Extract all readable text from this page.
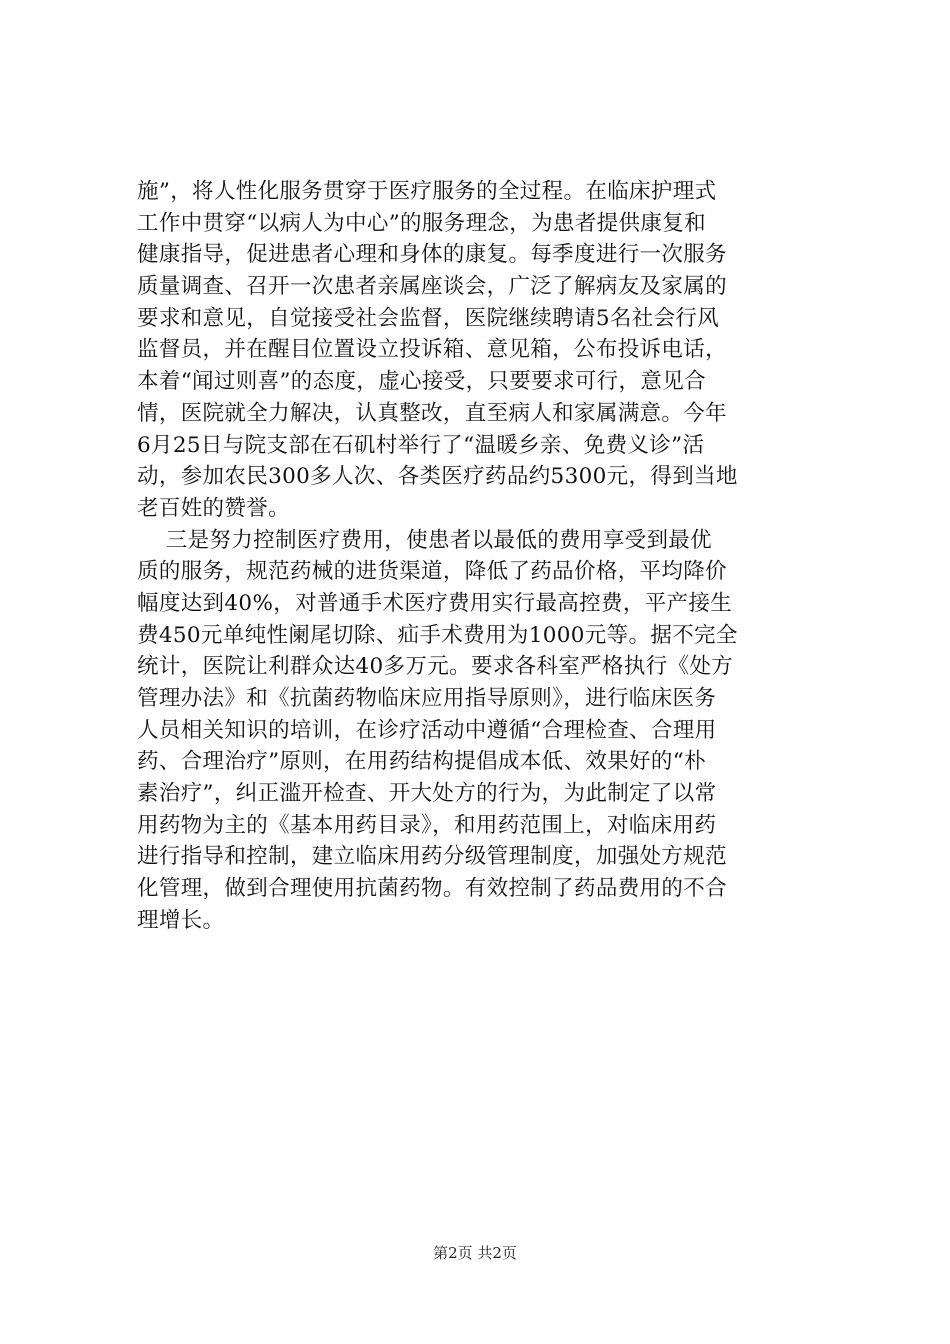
施”，将人性化服务贯穿于医疗服务的全过程。在临床护理式
工作中贯穿“以病人为中心”的服务理念，为患者提供康复和
健康指导，促进患者心理和身体的康复。每季度进行一次服务
质量调查、召开一次患者亲属座谈会，广泛了解病友及家属的
要求和意见，自觉接受社会监督，医院继续聘请5名社会行风
监督员，并在醒目位置设立投诉箱、意见箱，公布投诉电话，
本着“闻过则喜”的态度，虚心接受，只要要求可行，意见合
情，医院就全力解决，认真整改，直至病人和家属满意。今年
6月25日与院支部在石矶村举行了“温暖乡亲、免费义诊”活
动，参加农民300多人次、各类医疗药品约5300元，得到当地
老百姓的赞誉。
三是努力控制医疗费用，使患者以最低的费用享受到最优
质的服务，规范药械的进货渠道，降低了药品价格，平均降价
幅度达到40%，对普通手术医疗费用实行最高控费，平产接生
费450元单纯性阑尾切除、疝手术费用为1000元等。据不完全
统计，医院让利群众达40多万元。要求各科室严格执行《处方
管理办法》和《抗菌药物临床应用指导原则》，进行临床医务
人员相关知识的培训，在诊疗活动中遵循“合理检查、合理用
药、合理治疗”原则，在用药结构提倡成本低、效果好的“朴
素治疗”，纠正滥开检查、开大处方的行为，为此制定了以常
用药物为主的《基本用药目录》，和用药范围上，对临床用药
进行指导和控制，建立临床用药分级管理制度，加强处方规范
化管理，做到合理使用抗菌药物。有效控制了药品费用的不合
理增长。
第2页 共2页
